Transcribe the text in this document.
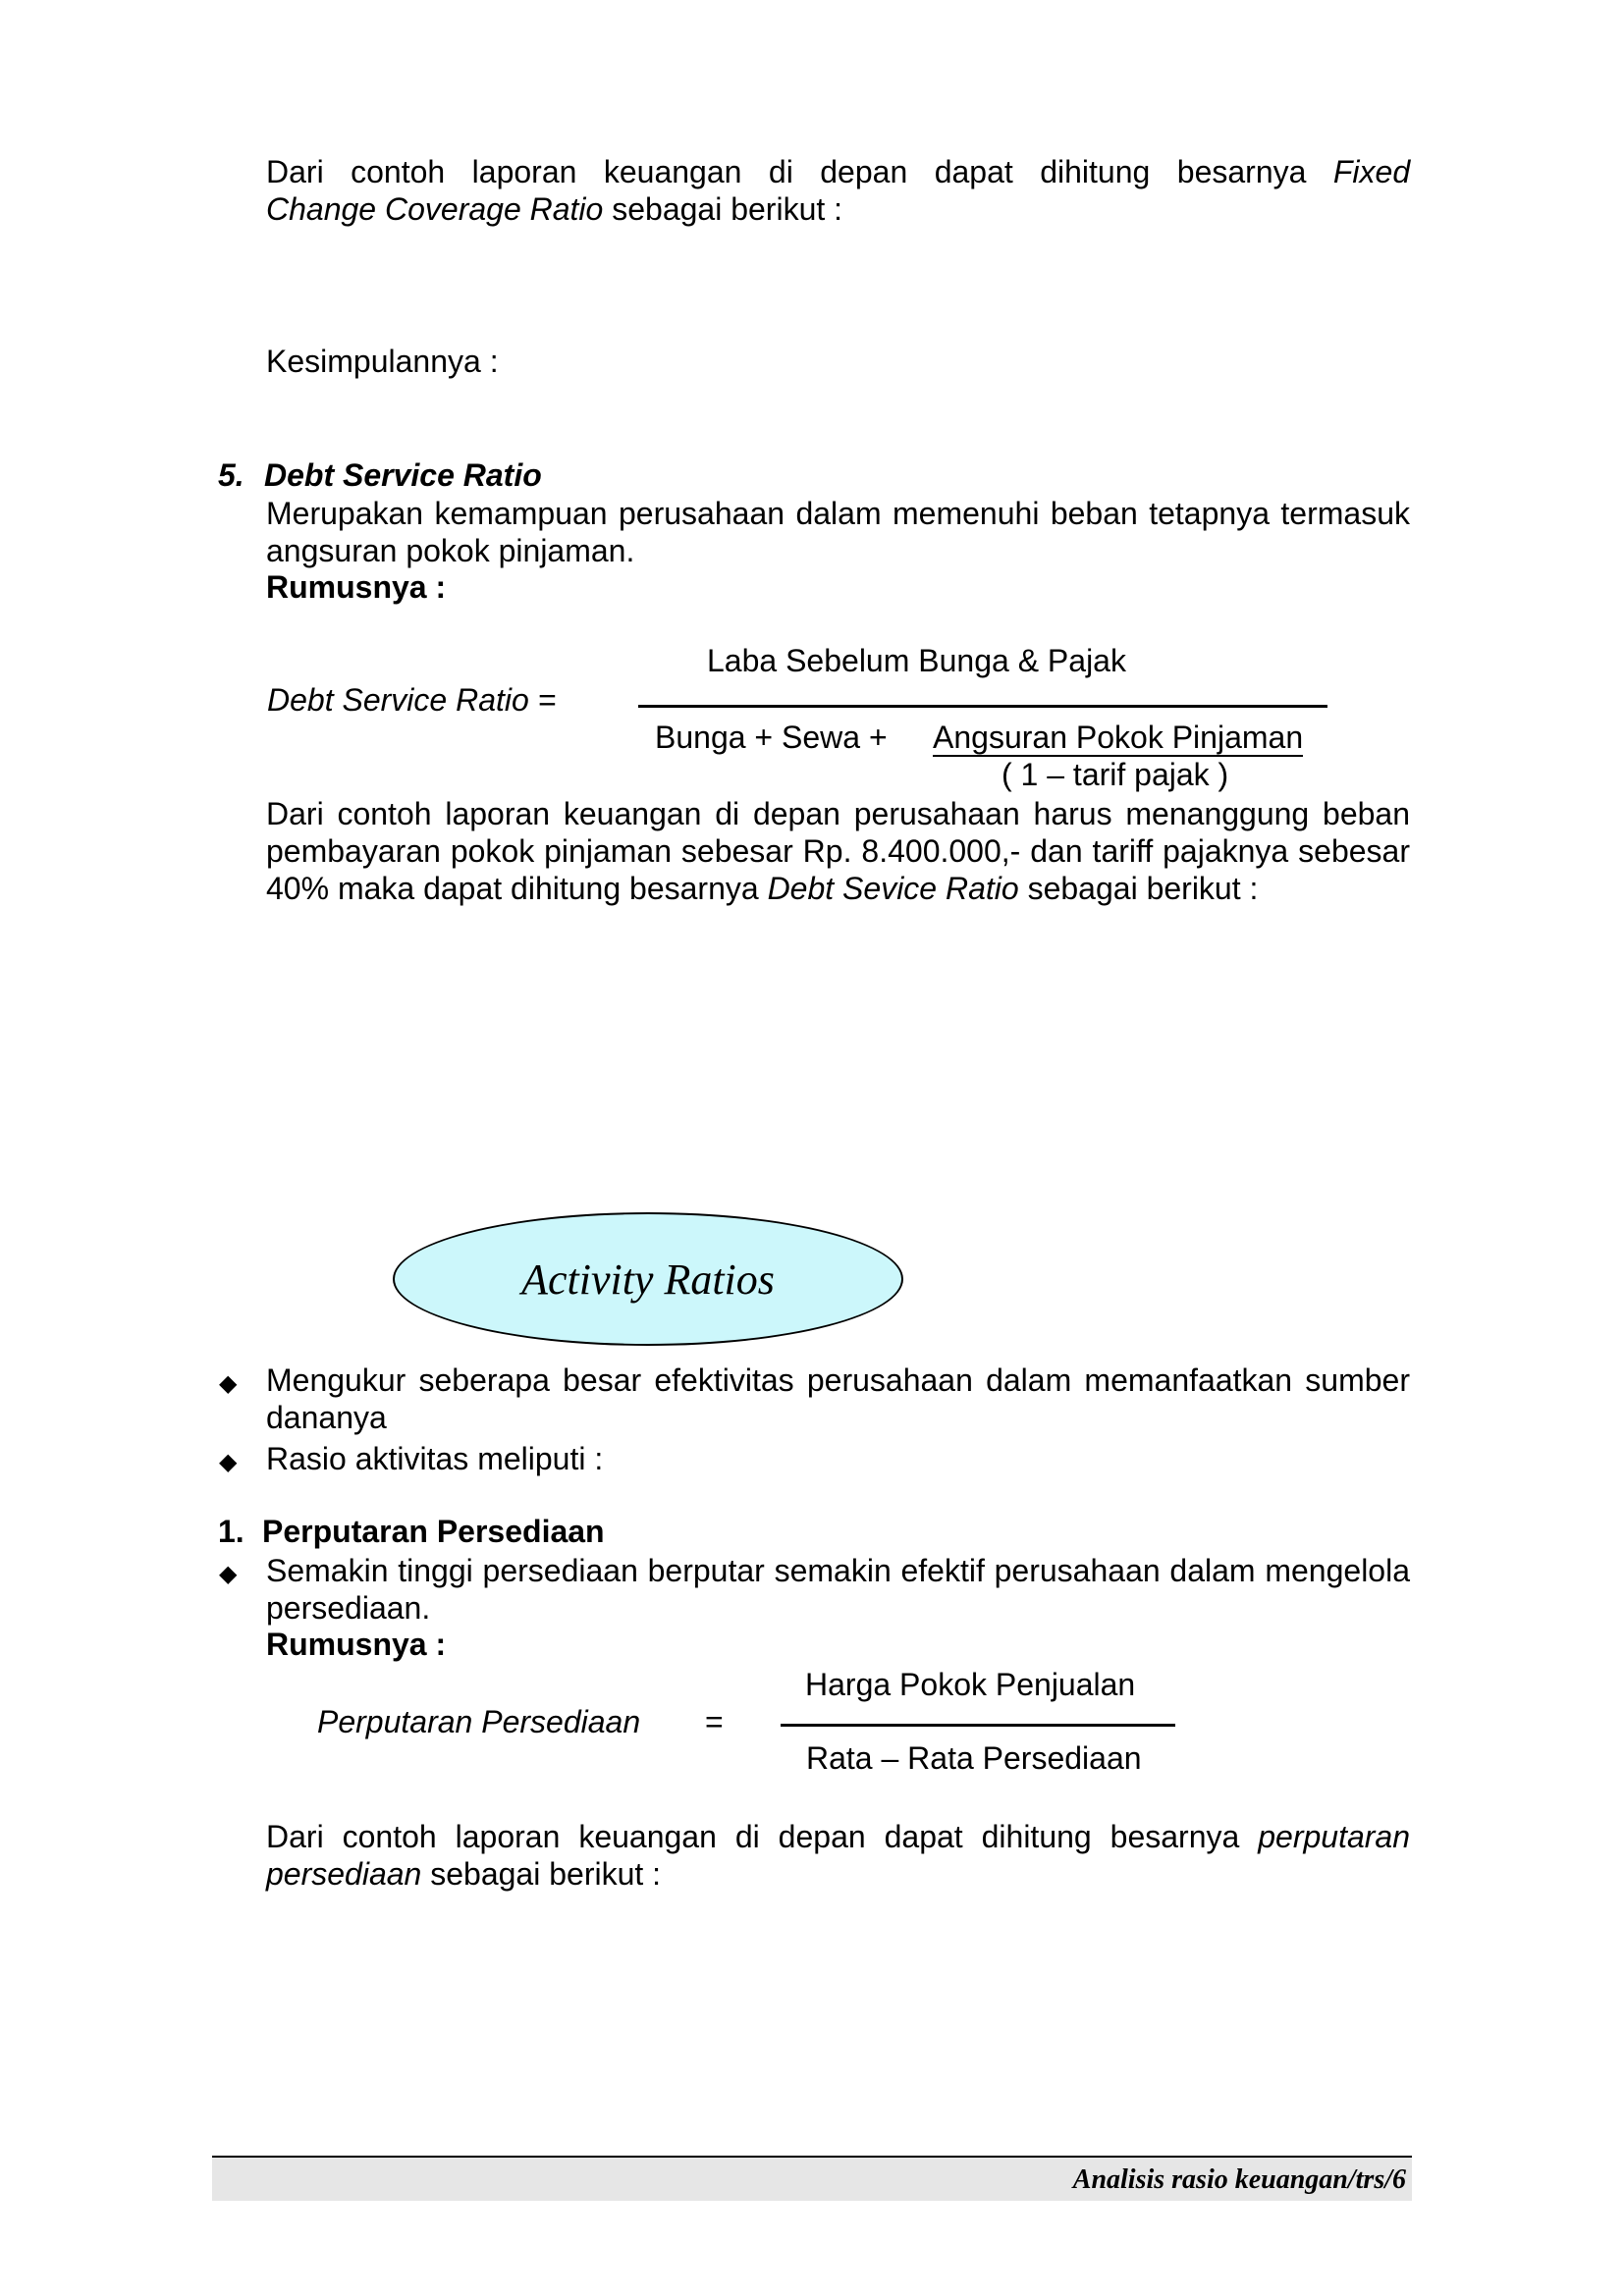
Dari contoh laporan keuangan di depan dapat dihitung besarnya Fixed
Change Coverage Ratio sebagai berikut :
Kesimpulannya :
5. Debt Service Ratio
Merupakan kemampuan perusahaan dalam memenuhi beban tetapnya termasuk angsuran pokok pinjaman.
Rumusnya :
Debt Service Ratio =
Laba Sebelum Bunga & Pajak
Bunga + Sewa + Angsuran Pokok Pinjaman
( 1 – tarif pajak )
Dari contoh laporan keuangan di depan perusahaan harus menanggung beban pembayaran pokok pinjaman sebesar Rp. 8.400.000,- dan tariff pajaknya sebesar 40% maka dapat dihitung besarnya Debt Sevice Ratio sebagai berikut :
Activity Ratios
◆ Mengukur seberapa besar efektivitas perusahaan dalam memanfaatkan sumber dananya
◆ Rasio aktivitas meliputi :
1. Perputaran Persediaan
◆ Semakin tinggi persediaan berputar semakin efektif perusahaan dalam mengelola persediaan.
Rumusnya :
Perputaran Persediaan =
Harga Pokok Penjualan
Rata – Rata Persediaan
Dari contoh laporan keuangan di depan dapat dihitung besarnya perputaran persediaan sebagai berikut :
Analisis rasio keuangan/trs/6
